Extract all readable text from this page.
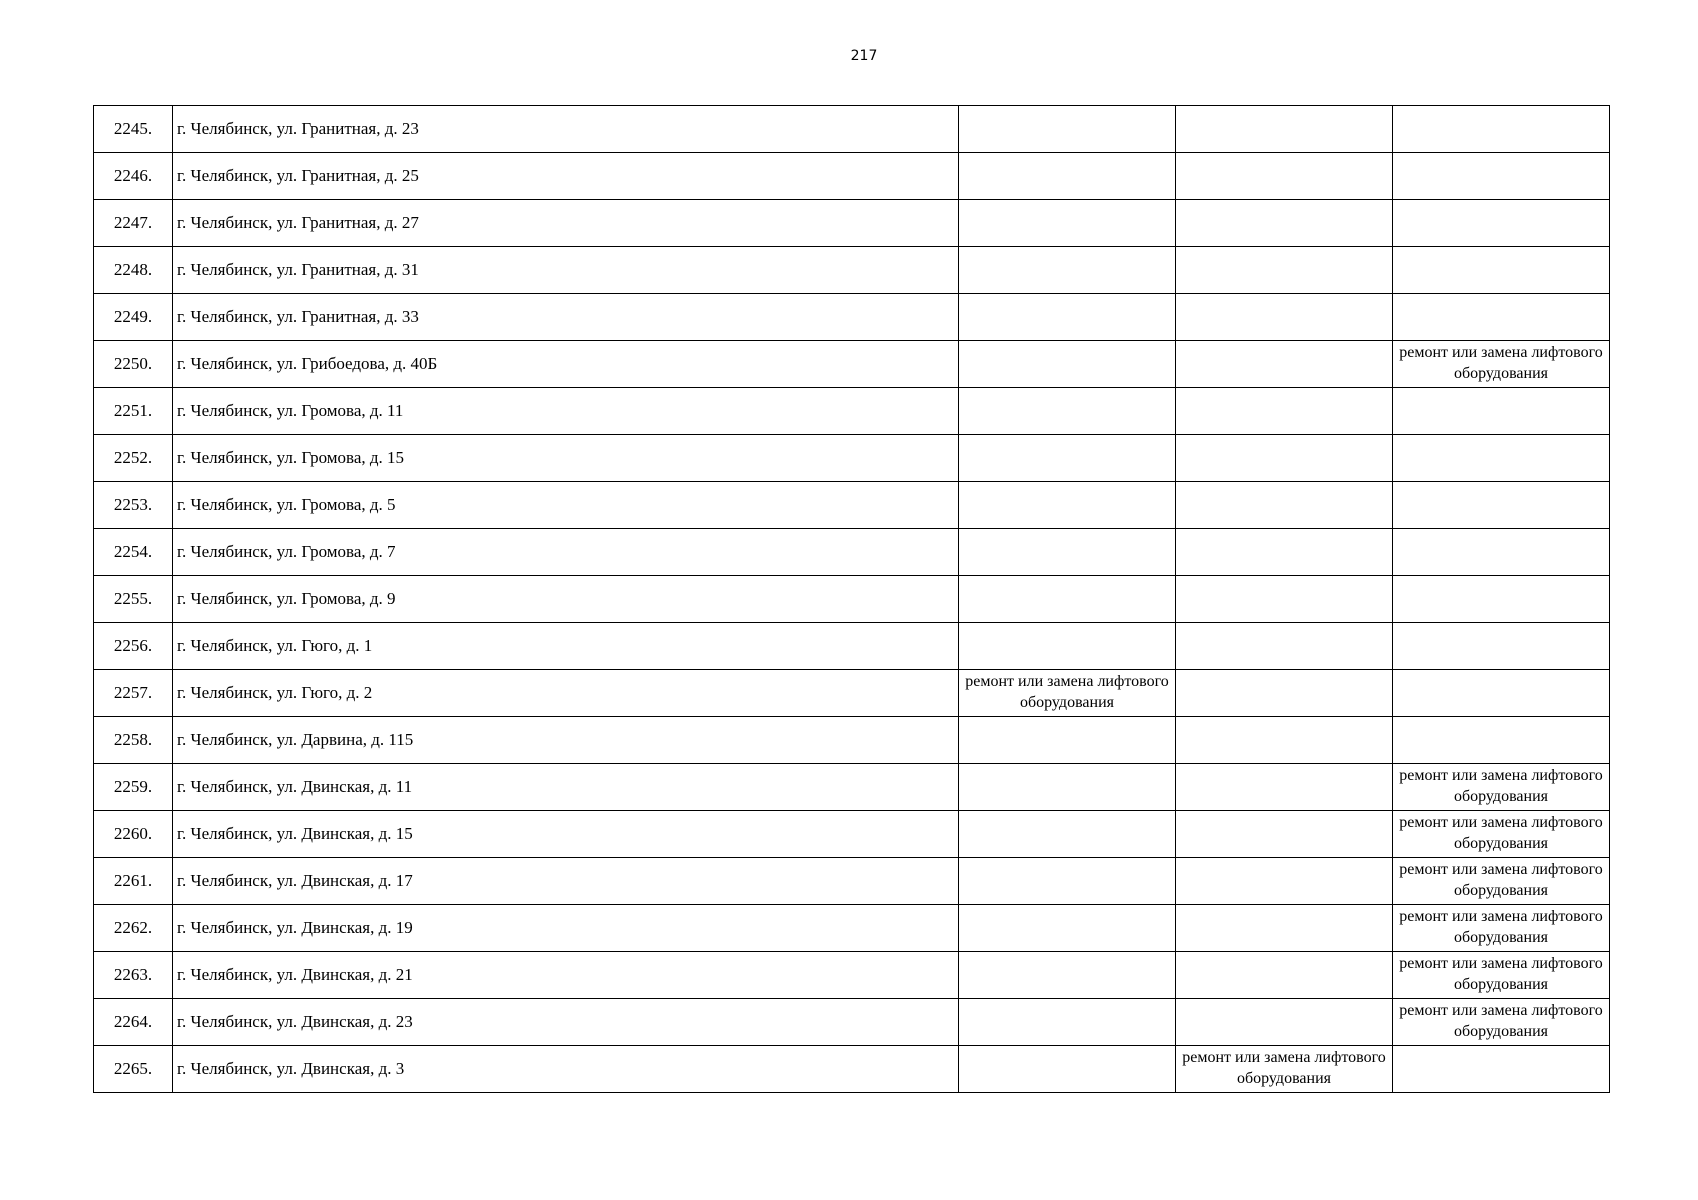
217
2245.	г. Челябинск, ул. Гранитная, д. 23			
2246.	г. Челябинск, ул. Гранитная, д. 25			
2247.	г. Челябинск, ул. Гранитная, д. 27			
2248.	г. Челябинск, ул. Гранитная, д. 31			
2249.	г. Челябинск, ул. Гранитная, д. 33			
2250.	г. Челябинск, ул. Грибоедова, д. 40Б			ремонт или замена лифтового оборудования
2251.	г. Челябинск, ул. Громова, д. 11			
2252.	г. Челябинск, ул. Громова, д. 15			
2253.	г. Челябинск, ул. Громова, д. 5			
2254.	г. Челябинск, ул. Громова, д. 7			
2255.	г. Челябинск, ул. Громова, д. 9			
2256.	г. Челябинск, ул. Гюго, д. 1			
2257.	г. Челябинск, ул. Гюго, д. 2	ремонт или замена лифтового оборудования		
2258.	г. Челябинск, ул. Дарвина, д. 115			
2259.	г. Челябинск, ул. Двинская, д. 11			ремонт или замена лифтового оборудования
2260.	г. Челябинск, ул. Двинская, д. 15			ремонт или замена лифтового оборудования
2261.	г. Челябинск, ул. Двинская, д. 17			ремонт или замена лифтового оборудования
2262.	г. Челябинск, ул. Двинская, д. 19			ремонт или замена лифтового оборудования
2263.	г. Челябинск, ул. Двинская, д. 21			ремонт или замена лифтового оборудования
2264.	г. Челябинск, ул. Двинская, д. 23			ремонт или замена лифтового оборудования
2265.	г. Челябинск, ул. Двинская, д. 3		ремонт или замена лифтового оборудования	
